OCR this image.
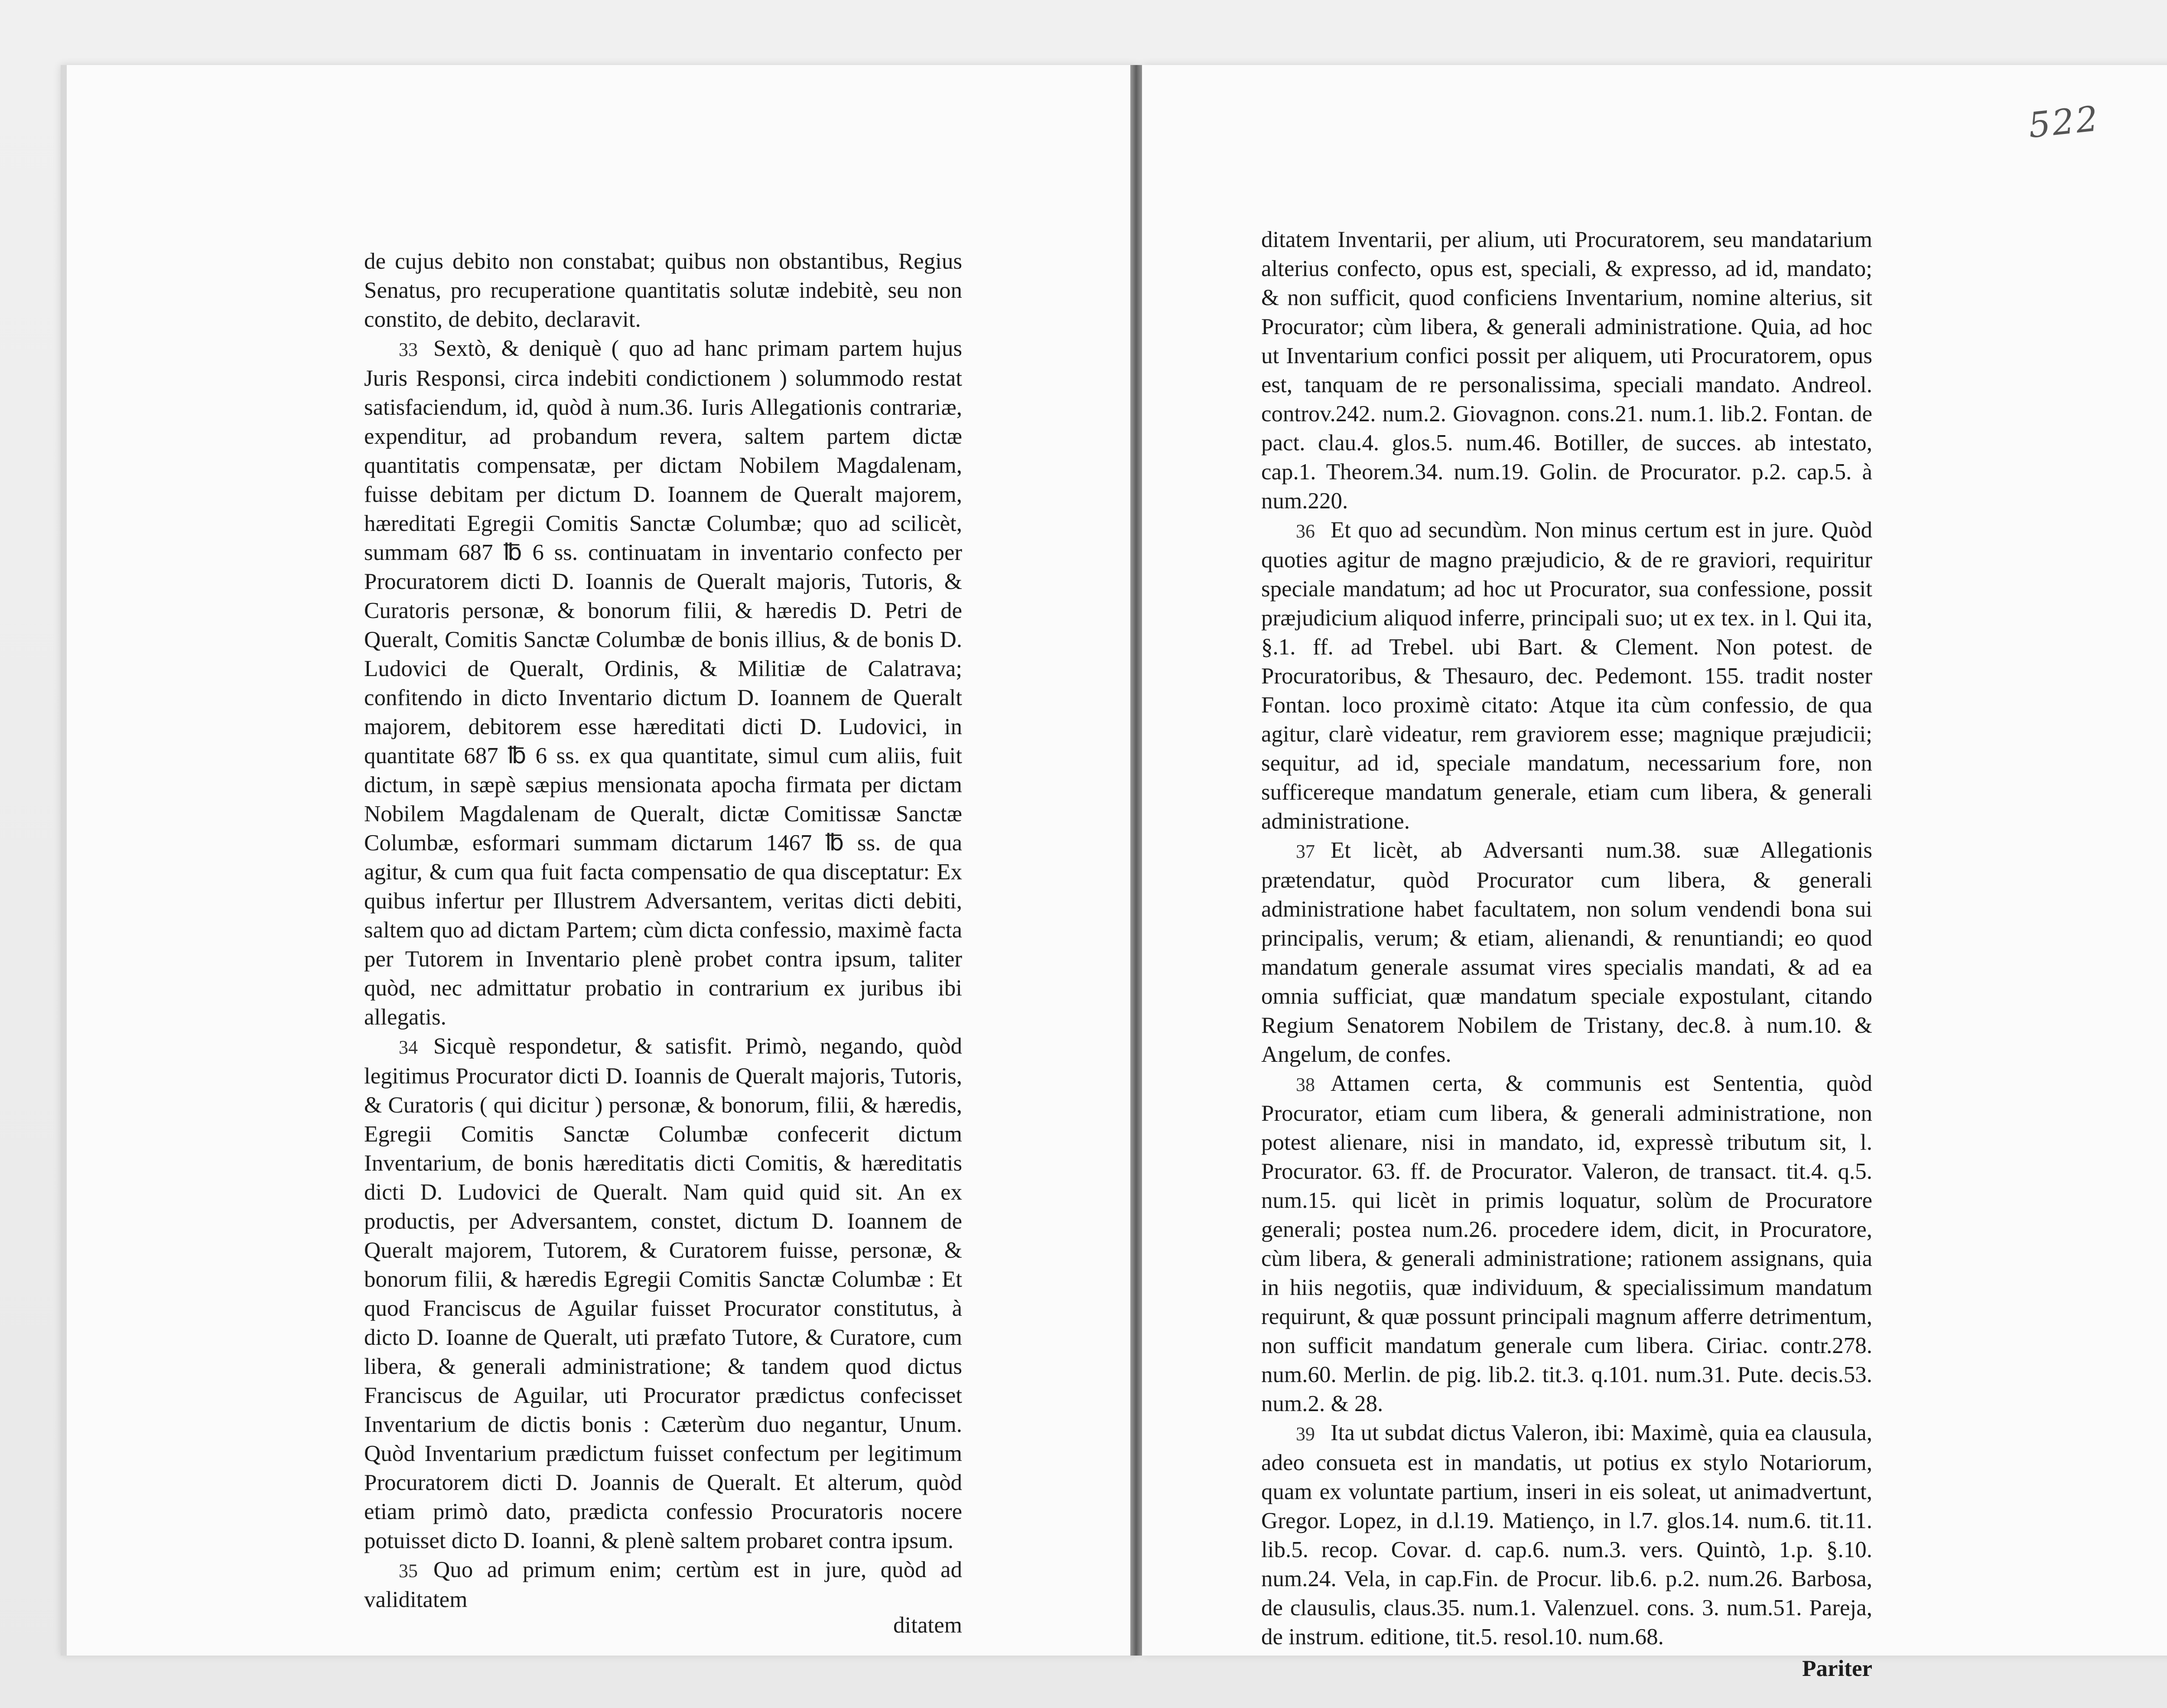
522

de cujus debito non constabat; quibus non obstantibus, Regius Senatus, pro recuperatione quantitatis solutæ indebitè, seu non constito, de debito, declaravit.

33 Sextò, & deniquè ( quo ad hanc primam partem hujus Juris Responsi, circa indebiti condictionem ) solummodo restat satisfaciendum, id, quòd à num.36. Iuris Allegationis contrariæ, expenditur, ad probandum revera, saltem partem dictæ quantitatis compensatæ, per dictam Nobilem Magdalenam, fuisse debitam per dictum D. Ioannem de Queralt majorem, hæreditati Egregii Comitis Sanctæ Columbæ; quo ad scilicèt, summam 687 ℔ 6 ss. continuatam in inventario confecto per Procuratorem dicti D. Ioannis de Queralt majoris, Tutoris, & Curatoris personæ, & bonorum filii, & hæredis D. Petri de Queralt, Comitis Sanctæ Columbæ de bonis illius, & de bonis D. Ludovici de Queralt, Ordinis, & Militiæ de Calatrava; confitendo in dicto Inventario dictum D. Ioannem de Queralt majorem, debitorem esse hæreditati dicti D. Ludovici, in quantitate 687 ℔ 6 ss. ex qua quantitate, simul cum aliis, fuit dictum, in sæpè sæpius mensionata apocha firmata per dictam Nobilem Magdalenam de Queralt, dictæ Comitissæ Sanctæ Columbæ, esformari summam dictarum 1467 ℔ ss. de qua agitur, & cum qua fuit facta compensatio de qua disceptatur: Ex quibus infertur per Illustrem Adversantem, veritas dicti debiti, saltem quo ad dictam Partem; cùm dicta confessio, maximè facta per Tutorem in Inventario plenè probet contra ipsum, taliter quòd, nec admittatur probatio in contrarium ex juribus ibi allegatis.

34 Sicquè respondetur, & satisfit. Primò, negando, quòd legitimus Procurator dicti D. Ioannis de Queralt majoris, Tutoris, & Curatoris ( qui dicitur ) personæ, & bonorum, filii, & hæredis, Egregii Comitis Sanctæ Columbæ confecerit dictum Inventarium, de bonis hæreditatis dicti Comitis, & hæreditatis dicti D. Ludovici de Queralt. Nam quid quid sit. An ex productis, per Adversantem, constet, dictum D. Ioannem de Queralt majorem, Tutorem, & Curatorem fuisse, personæ, & bonorum filii, & hæredis Egregii Comitis Sanctæ Columbæ : Et quod Franciscus de Aguilar fuisset Procurator constitutus, à dicto D. Ioanne de Queralt, uti præfato Tutore, & Curatore, cum libera, & generali administratione; & tandem quod dictus Franciscus de Aguilar, uti Procurator prædictus confecisset Inventarium de dictis bonis : Cæterùm duo negantur, Unum. Quòd Inventarium prædictum fuisset confectum per legitimum Procuratorem dicti D. Joannis de Queralt. Et alterum, quòd etiam primò dato, prædicta confessio Procuratoris nocere potuisset dicto D. Ioanni, & plenè saltem probaret contra ipsum.

35 Quo ad primum enim; certùm est in jure, quòd ad validitatem

ditatem

ditatem Inventarii, per alium, uti Procuratorem, seu mandatarium alterius confecto, opus est, speciali, & expresso, ad id, mandato; & non sufficit, quod conficiens Inventarium, nomine alterius, sit Procurator; cùm libera, & generali administratione. Quia, ad hoc ut Inventarium confici possit per aliquem, uti Procuratorem, opus est, tanquam de re personalissima, speciali mandato. Andreol. controv.242. num.2. Giovagnon. cons.21. num.1. lib.2. Fontan. de pact. clau.4. glos.5. num.46. Botiller, de succes. ab intestato, cap.1. Theorem.34. num.19. Golin. de Procurator. p.2. cap.5. à num.220.

36 Et quo ad secundùm. Non minus certum est in jure. Quòd quoties agitur de magno præjudicio, & de re graviori, requiritur speciale mandatum; ad hoc ut Procurator, sua confessione, possit præjudicium aliquod inferre, principali suo; ut ex tex. in l. Qui ita, §.1. ff. ad Trebel. ubi Bart. & Clement. Non potest. de Procuratoribus, & Thesauro, dec. Pedemont. 155. tradit noster Fontan. loco proximè citato: Atque ita cùm confessio, de qua agitur, clarè videatur, rem graviorem esse; magnique præjudicii; sequitur, ad id, speciale mandatum, necessarium fore, non sufficereque mandatum generale, etiam cum libera, & generali administratione.

37 Et licèt, ab Adversanti num.38. suæ Allegationis prætendatur, quòd Procurator cum libera, & generali administratione habet facultatem, non solum vendendi bona sui principalis, verum; & etiam, alienandi, & renuntiandi; eo quod mandatum generale assumat vires specialis mandati, & ad ea omnia sufficiat, quæ mandatum speciale expostulant, citando Regium Senatorem Nobilem de Tristany, dec.8. à num.10. & Angelum, de confes.

38 Attamen certa, & communis est Sententia, quòd Procurator, etiam cum libera, & generali administratione, non potest alienare, nisi in mandato, id, expressè tributum sit, l. Procurator. 63. ff. de Procurator. Valeron, de transact. tit.4. q.5. num.15. qui licèt in primis loquatur, solùm de Procuratore generali; postea num.26. procedere idem, dicit, in Procuratore, cùm libera, & generali administratione; rationem assignans, quia in hiis negotiis, quæ individuum, & specialissimum mandatum requirunt, & quæ possunt principali magnum afferre detrimentum, non sufficit mandatum generale cum libera. Ciriac. contr.278. num.60. Merlin. de pig. lib.2. tit.3. q.101. num.31. Pute. decis.53. num.2. & 28.

39 Ita ut subdat dictus Valeron, ibi: Maximè, quia ea clausula, adeo consueta est in mandatis, ut potius ex stylo Notariorum, quam ex voluntate partium, inseri in eis soleat, ut animadvertunt, Gregor. Lopez, in d.l.19. Matienço, in l.7. glos.14. num.6. tit.11. lib.5. recop. Covar. d. cap.6. num.3. vers. Quintò, 1.p. §.10. num.24. Vela, in cap.Fin. de Procur. lib.6. p.2. num.26. Barbosa, de clausulis, claus.35. num.1. Valenzuel. cons. 3. num.51. Pareja, de instrum. editione, tit.5. resol.10. num.68.

Pariter
